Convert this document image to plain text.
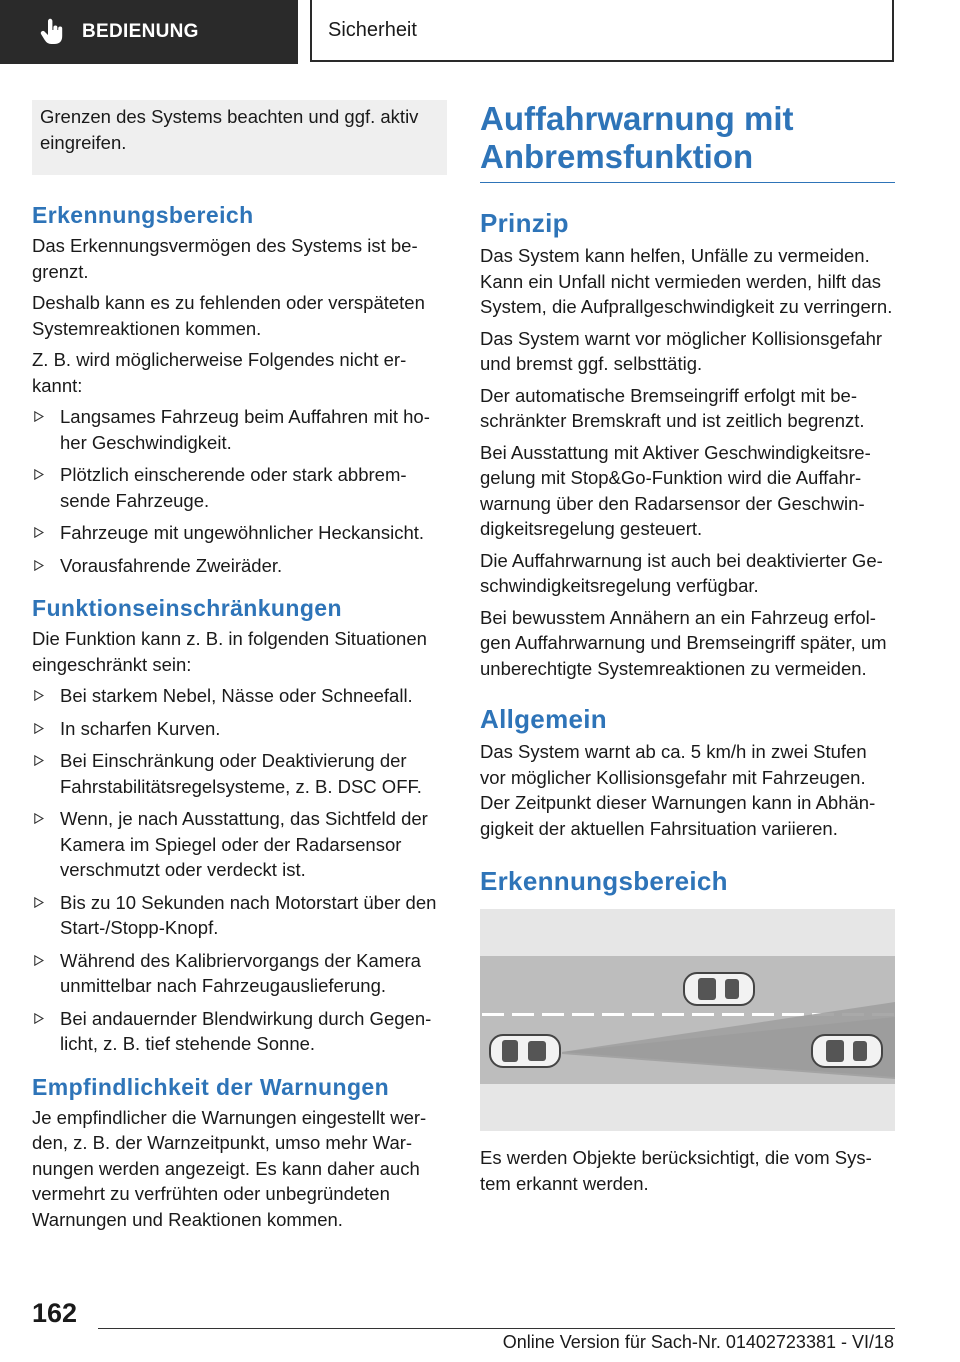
BEDIENUNG	Sicherheit
Grenzen des Systems beachten und ggf. aktiv eingreifen.
Erkennungsbereich

Das Erkennungsvermögen des Systems ist begrenzt.

Deshalb kann es zu fehlenden oder verspäteten Systemreaktionen kommen.

Z. B. wird möglicherweise Folgendes nicht erkannt:

Langsames Fahrzeug beim Auffahren mit hoher Geschwindigkeit.
Plötzlich einscherende oder stark abbremsende Fahrzeuge.
Fahrzeuge mit ungewöhnlicher Heckansicht.
Vorausfahrende Zweiräder.
Funktionseinschränkungen

Die Funktion kann z. B. in folgenden Situationen eingeschränkt sein:

Bei starkem Nebel, Nässe oder Schneefall.
In scharfen Kurven.
Bei Einschränkung oder Deaktivierung der Fahrstabilitätsregelsysteme, z. B. DSC OFF.
Wenn, je nach Ausstattung, das Sichtfeld der Kamera im Spiegel oder der Radarsensor verschmutzt oder verdeckt ist.
Bis zu 10 Sekunden nach Motorstart über den Start-/Stopp-Knopf.
Während des Kalibriervorgangs der Kamera unmittelbar nach Fahrzeugauslieferung.
Bei andauernder Blendwirkung durch Gegenlicht, z. B. tief stehende Sonne.
Empfindlichkeit der Warnungen

Je empfindlicher die Warnungen eingestellt werden, z. B. der Warnzeitpunkt, umso mehr Warnungen werden angezeigt. Es kann daher auch vermehrt zu verfrühten oder unbegründeten Warnungen und Reaktionen kommen.

Auffahrwarnung mit Anbremsfunktion
Prinzip

Das System kann helfen, Unfälle zu vermeiden. Kann ein Unfall nicht vermieden werden, hilft das System, die Aufprallgeschwindigkeit zu verringern.

Das System warnt vor möglicher Kollisionsgefahr und bremst ggf. selbsttätig.

Der automatische Bremseingriff erfolgt mit beschränkter Bremskraft und ist zeitlich begrenzt.

Bei Ausstattung mit Aktiver Geschwindigkeitsregelung mit Stop&Go-Funktion wird die Auffahrwarnung über den Radarsensor der Geschwindigkeitsregelung gesteuert.

Die Auffahrwarnung ist auch bei deaktivierter Geschwindigkeitsregelung verfügbar.

Bei bewusstem Annähern an ein Fahrzeug erfolgen Auffahrwarnung und Bremseingriff später, um unberechtigte Systemreaktionen zu vermeiden.

Allgemein

Das System warnt ab ca. 5 km/h in zwei Stufen vor möglicher Kollisionsgefahr mit Fahrzeugen. Der Zeitpunkt dieser Warnungen kann in Abhängigkeit der aktuellen Fahrsituation variieren.

Erkennungsbereich

Es werden Objekte berücksichtigt, die vom System erkannt werden.

162
Online Version für Sach-Nr. 01402723381 - VI/18
